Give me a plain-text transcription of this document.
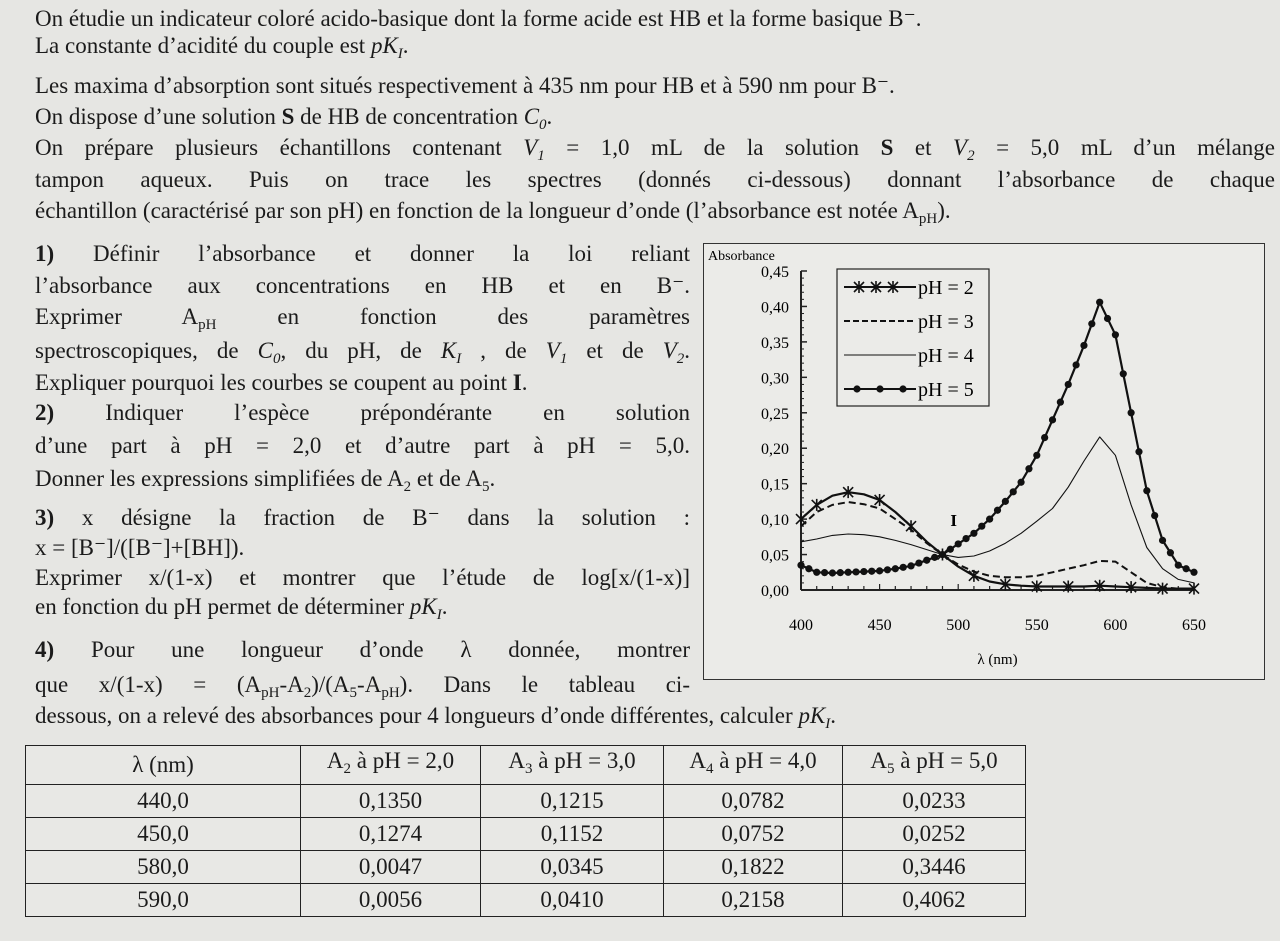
On étudie un indicateur coloré acido-basique dont la forme acide est HB et la forme basique B⁻.
La constante d’acidité du couple est $pK_I$.
Les maxima d’absorption sont situés respectivement à 435 nm pour HB et à 590 nm pour B⁻.
On dispose d’une solution S de HB de concentration $C_0$.
On prépare plusieurs échantillons contenant $V_1 = 1,0$ mL de la solution S et $V_2 = 5,0$ mL d’un mélange
tampon aqueux. Puis on trace les spectres (donnés ci-dessous) donnant l’absorbance de chaque
échantillon (caractérisé par son pH) en fonction de la longueur d’onde (l’absorbance est notée $A_{pH}$).
1) Définir l’absorbance et donner la loi reliant
l’absorbance aux concentrations en HB et en B⁻.
Exprimer $A_{pH}$ en fonction des paramètres
spectroscopiques, de $C_0$, du pH, de $K_I$ , de $V_1$ et de $V_2$.
Expliquer pourquoi les courbes se coupent au point I.
2) Indiquer l’espèce prépondérante en solution
d’une part à pH = 2,0 et d’autre part à pH = 5,0.
Donner les expressions simplifiées de $A_2$ et de $A_5$.
3) x désigne la fraction de B⁻ dans la solution :
x = [B⁻]/([B⁻]+[BH]).
Exprimer x/(1-x) et montrer que l’étude de log[x/(1-x)]
en fonction du pH permet de déterminer $pK_I$.
4) Pour une longueur d’onde λ donnée, montrer
que $x/(1-x) = (A_{pH}-A_2)/(A_5-A_{pH})$. Dans le tableau ci-
dessous, on a relevé des absorbances pour 4 longueurs d’onde différentes, calculer $pK_I$.
Absorbance
λ (nm)
0,00
0,05
0,10
0,15
0,20
0,25
0,30
0,35
0,40
0,45
400	450	500	550	600	650
I
pH = 2
pH = 3
pH = 4
pH = 5
λ (nm)	$A_2$ à pH = 2,0	$A_3$ à pH = 3,0	$A_4$ à pH = 4,0	$A_5$ à pH = 5,0
440,0	0,1350	0,1215	0,0782	0,0233
450,0	0,1274	0,1152	0,0752	0,0252
580,0	0,0047	0,0345	0,1822	0,3446
590,0	0,0056	0,0410	0,2158	0,4062
